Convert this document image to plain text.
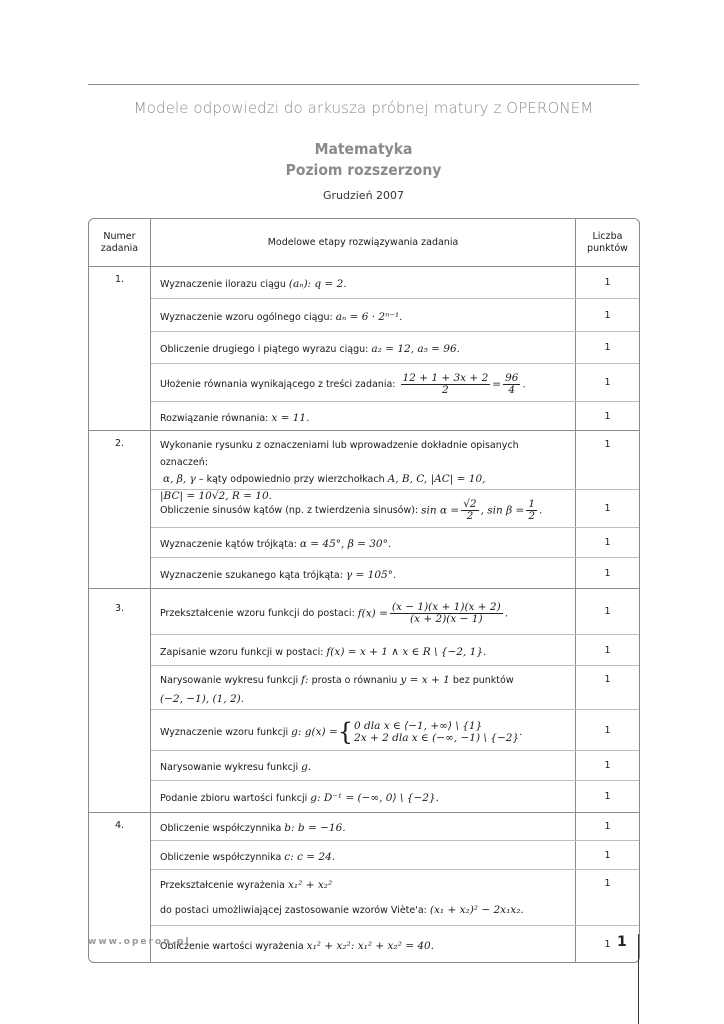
Modele odpowiedzi do arkusza próbnej matury z OPERONEM
Matematyka
Poziom rozszerzony
Grudzień 2007
Numer zadania
Modelowe etapy rozwiązywania zadania
Liczba punktów
1.	Wyznaczenie ilorazu ciągu (aₙ): q = 2.	1
Wyznaczenie wzoru ogólnego ciągu: aₙ = 6 · 2ⁿ⁻¹.	1
Obliczenie drugiego i piątego wyrazu ciągu: a₂ = 12, a₅ = 96.	1
Ułożenie równania wynikającego z treści zadania: $\frac{12 + 1 + 3x + 2}{2} = \frac{96}{4}$ .	1
Rozwiązanie równania: x = 11.	1
2.	Wykonanie rysunku z oznaczeniami lub wprowadzenie dokładnie opisanych oznaczeń:
α, β, γ
– kąty odpowiednio przy wierzchołkach A, B, C, |AC| = 10,
|BC| = 10√2, R = 10.
1
Obliczenie sinusów kątów (np. z twierdzenia sinusów): $\sin \alpha = \frac{√2}{2}$ , $\sin \beta = \frac{1}{2}$ .	1
Wyznaczenie kątów trójkąta: α = 45°, β = 30°.	1
Wyznaczenie szukanego kąta trójkąta: γ = 105°.	1
3.	Przekształcenie wzoru funkcji do postaci: $f(x) = \frac{(x - 1)(x + 1)(x + 2)}{(x + 2)(x - 1)}$ .	1
Zapisanie wzoru funkcji w postaci: f(x) = x + 1 ∧ x ∈ R \ {−2, 1}.	1
Narysowanie wykresu funkcji f:
prosta o równaniu y = x + 1
bez punktów
(−2, −1), (1, 2).
1
Wyznaczenie wzoru funkcji g: g(x) = { 0 dla x ∈ ⟨−1, +∞⟩ \ {1}
2x + 2 dla x ∈ (−∞, −1) \ {−2}
.	1
Narysowanie wykresu funkcji g.	1
Podanie zbioru wartości funkcji g: D⁻¹ = (−∞, 0⟩ \ {−2}.	1
4.	Obliczenie współczynnika b: b = −16.	1
Obliczenie współczynnika c: c = 24.	1
Przekształcenie wyrażenia x₁² + x₂²

do postaci umożliwiającej zastosowanie wzorów Viète'a: (x₁ + x₂)² − 2x₁x₂.
1
Obliczenie wartości wyrażenia x₁² + x₂²: x₁² + x₂² = 40.	1
www.operon.pl	1
